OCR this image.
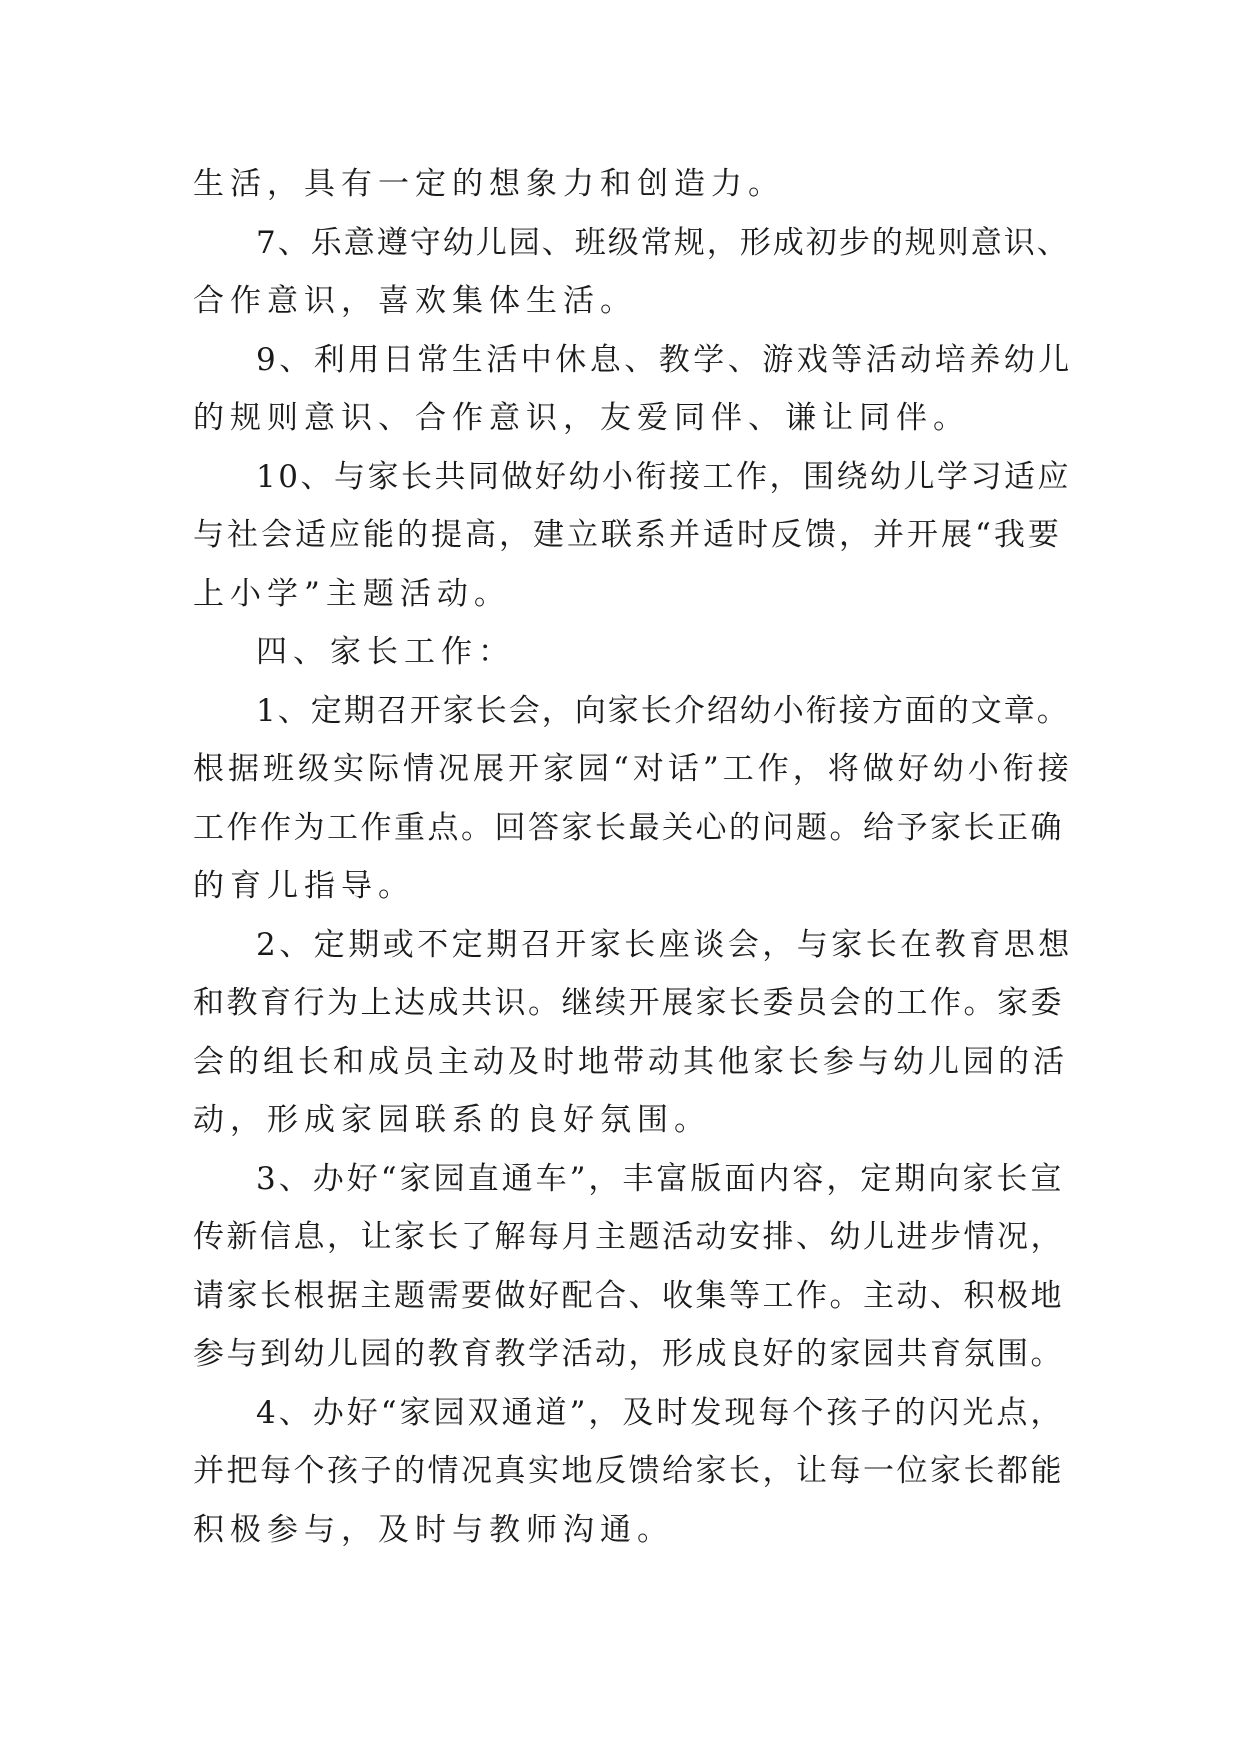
生活，具有一定的想象力和创造力。
7、乐意遵守幼儿园、班级常规，形成初步的规则意识、
合作意识，喜欢集体生活。
9、利用日常生活中休息、教学、游戏等活动培养幼儿
的规则意识、合作意识，友爱同伴、谦让同伴。
10、与家长共同做好幼小衔接工作，围绕幼儿学习适应
与社会适应能的提高，建立联系并适时反馈，并开展“我要
上小学”主题活动。
四、家长工作：
1、定期召开家长会，向家长介绍幼小衔接方面的文章。
根据班级实际情况展开家园“对话”工作，将做好幼小衔接
工作作为工作重点。回答家长最关心的问题。给予家长正确
的育儿指导。
2、定期或不定期召开家长座谈会，与家长在教育思想
和教育行为上达成共识。继续开展家长委员会的工作。家委
会的组长和成员主动及时地带动其他家长参与幼儿园的活
动，形成家园联系的良好氛围。
3、办好“家园直通车”，丰富版面内容，定期向家长宣
传新信息，让家长了解每月主题活动安排、幼儿进步情况，
请家长根据主题需要做好配合、收集等工作。主动、积极地
参与到幼儿园的教育教学活动，形成良好的家园共育氛围。
4、办好“家园双通道”，及时发现每个孩子的闪光点，
并把每个孩子的情况真实地反馈给家长，让每一位家长都能
积极参与，及时与教师沟通。
